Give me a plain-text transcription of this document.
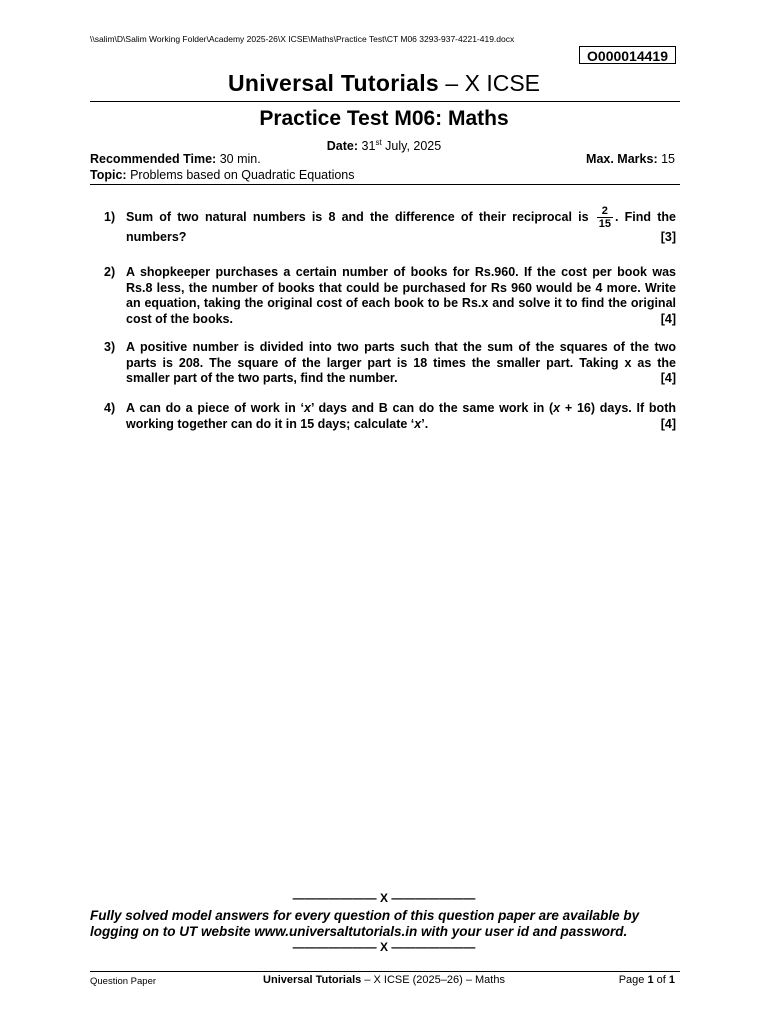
\\salim\D\Salim Working Folder\Academy 2025-26\X ICSE\Maths\Practice Test\CT M06 3293-937-4221-419.docx
O000014419
Universal Tutorials – X ICSE
Practice Test M06: Maths
Date: 31st July, 2025
Recommended Time: 30 min.	Max. Marks: 15
Topic: Problems based on Quadratic Equations
1) Sum of two natural numbers is 8 and the difference of their reciprocal is $\frac{2}{15}$ . Find the numbers?	[3]
2) A shopkeeper purchases a certain number of books for Rs.960. If the cost per book was Rs.8 less, the number of books that could be purchased for Rs 960 would be 4 more. Write an equation, taking the original cost of each book to be Rs.x and solve it to find the original cost of the books.	[4]
3) A positive number is divided into two parts such that the sum of the squares of the two parts is 208. The square of the larger part is 18 times the smaller part. Taking x as the smaller part of the two parts, find the number.	[4]
4) A can do a piece of work in ‘x’ days and B can do the same work in (x + 16) days. If both working together can do it in 15 days; calculate ‘x’.	[4]
——————— X ———————
Fully solved model answers for every question of this question paper are available by logging on to UT website www.universaltutorials.in with your user id and password.
——————— X ———————
Question Paper	Universal Tutorials – X ICSE (2025–26) – Maths	Page 1 of 1
